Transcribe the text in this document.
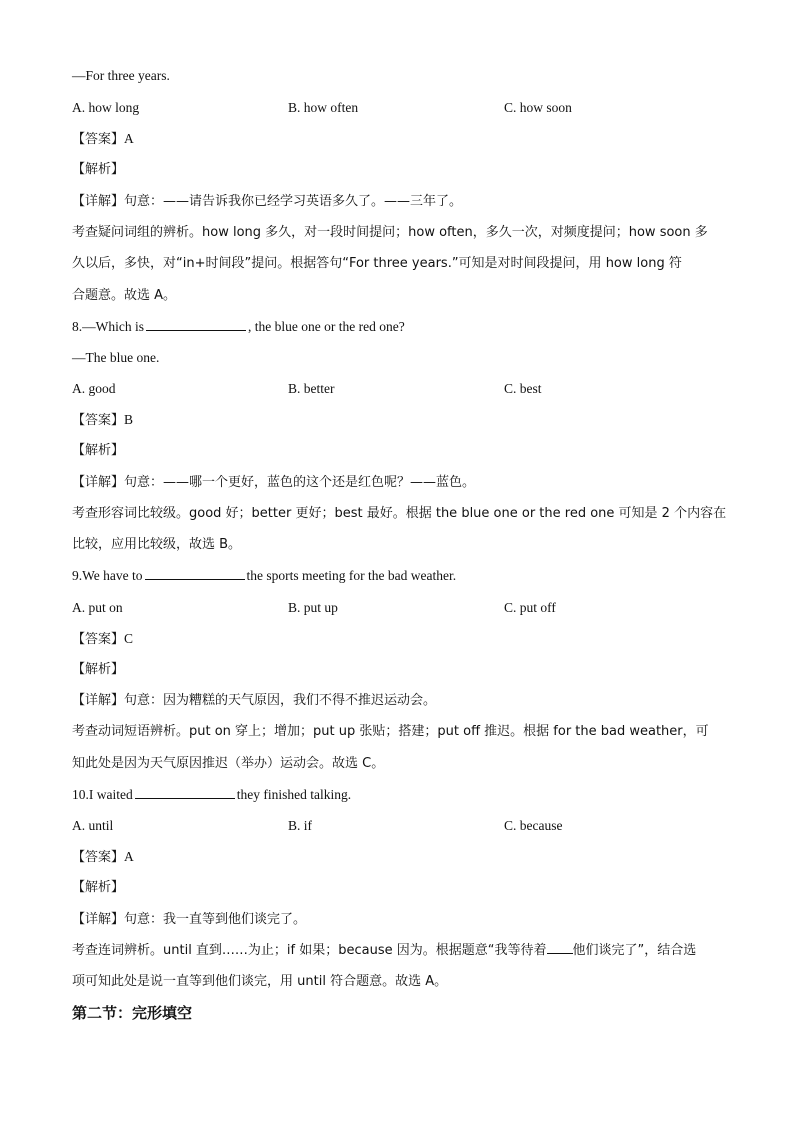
—For three years.
A. how long	B. how often	C. how soon
【答案】A
【解析】
【详解】句意：——请告诉我你已经学习英语多久了。——三年了。
考查疑问词组的辨析。how long 多久，对一段时间提问；how often，多久一次，对频度提问；how soon 多
久以后，多快，对“in+时间段”提问。根据答句“For three years.”可知是对时间段提问，用 how long 符
合题意。故选 A。
8.—Which is	, the blue one or the red one?
—The blue one.
A. good	B. better	C. best
【答案】B
【解析】
【详解】句意：——哪一个更好，蓝色的这个还是红色呢？——蓝色。
考查形容词比较级。good 好；better 更好；best 最好。根据 the blue one or the red one 可知是 2 个内容在
比较，应用比较级，故选 B。
9.We have to	the sports meeting for the bad weather.
A. put on	B. put up	C. put off
【答案】C
【解析】
【详解】句意：因为糟糕的天气原因，我们不得不推迟运动会。
考查动词短语辨析。put on 穿上；增加；put up 张贴；搭建；put off 推迟。根据 for the bad weather，可
知此处是因为天气原因推迟（举办）运动会。故选 C。
10.I waited	they finished talking.
A. until	B. if	C. because
【答案】A
【解析】
【详解】句意：我一直等到他们谈完了。
考查连词辨析。until 直到……为止；if 如果；because 因为。根据题意“我等待着 他们谈完了”，结合选
项可知此处是说一直等到他们谈完，用 until 符合题意。故选 A。
第二节：完形填空
